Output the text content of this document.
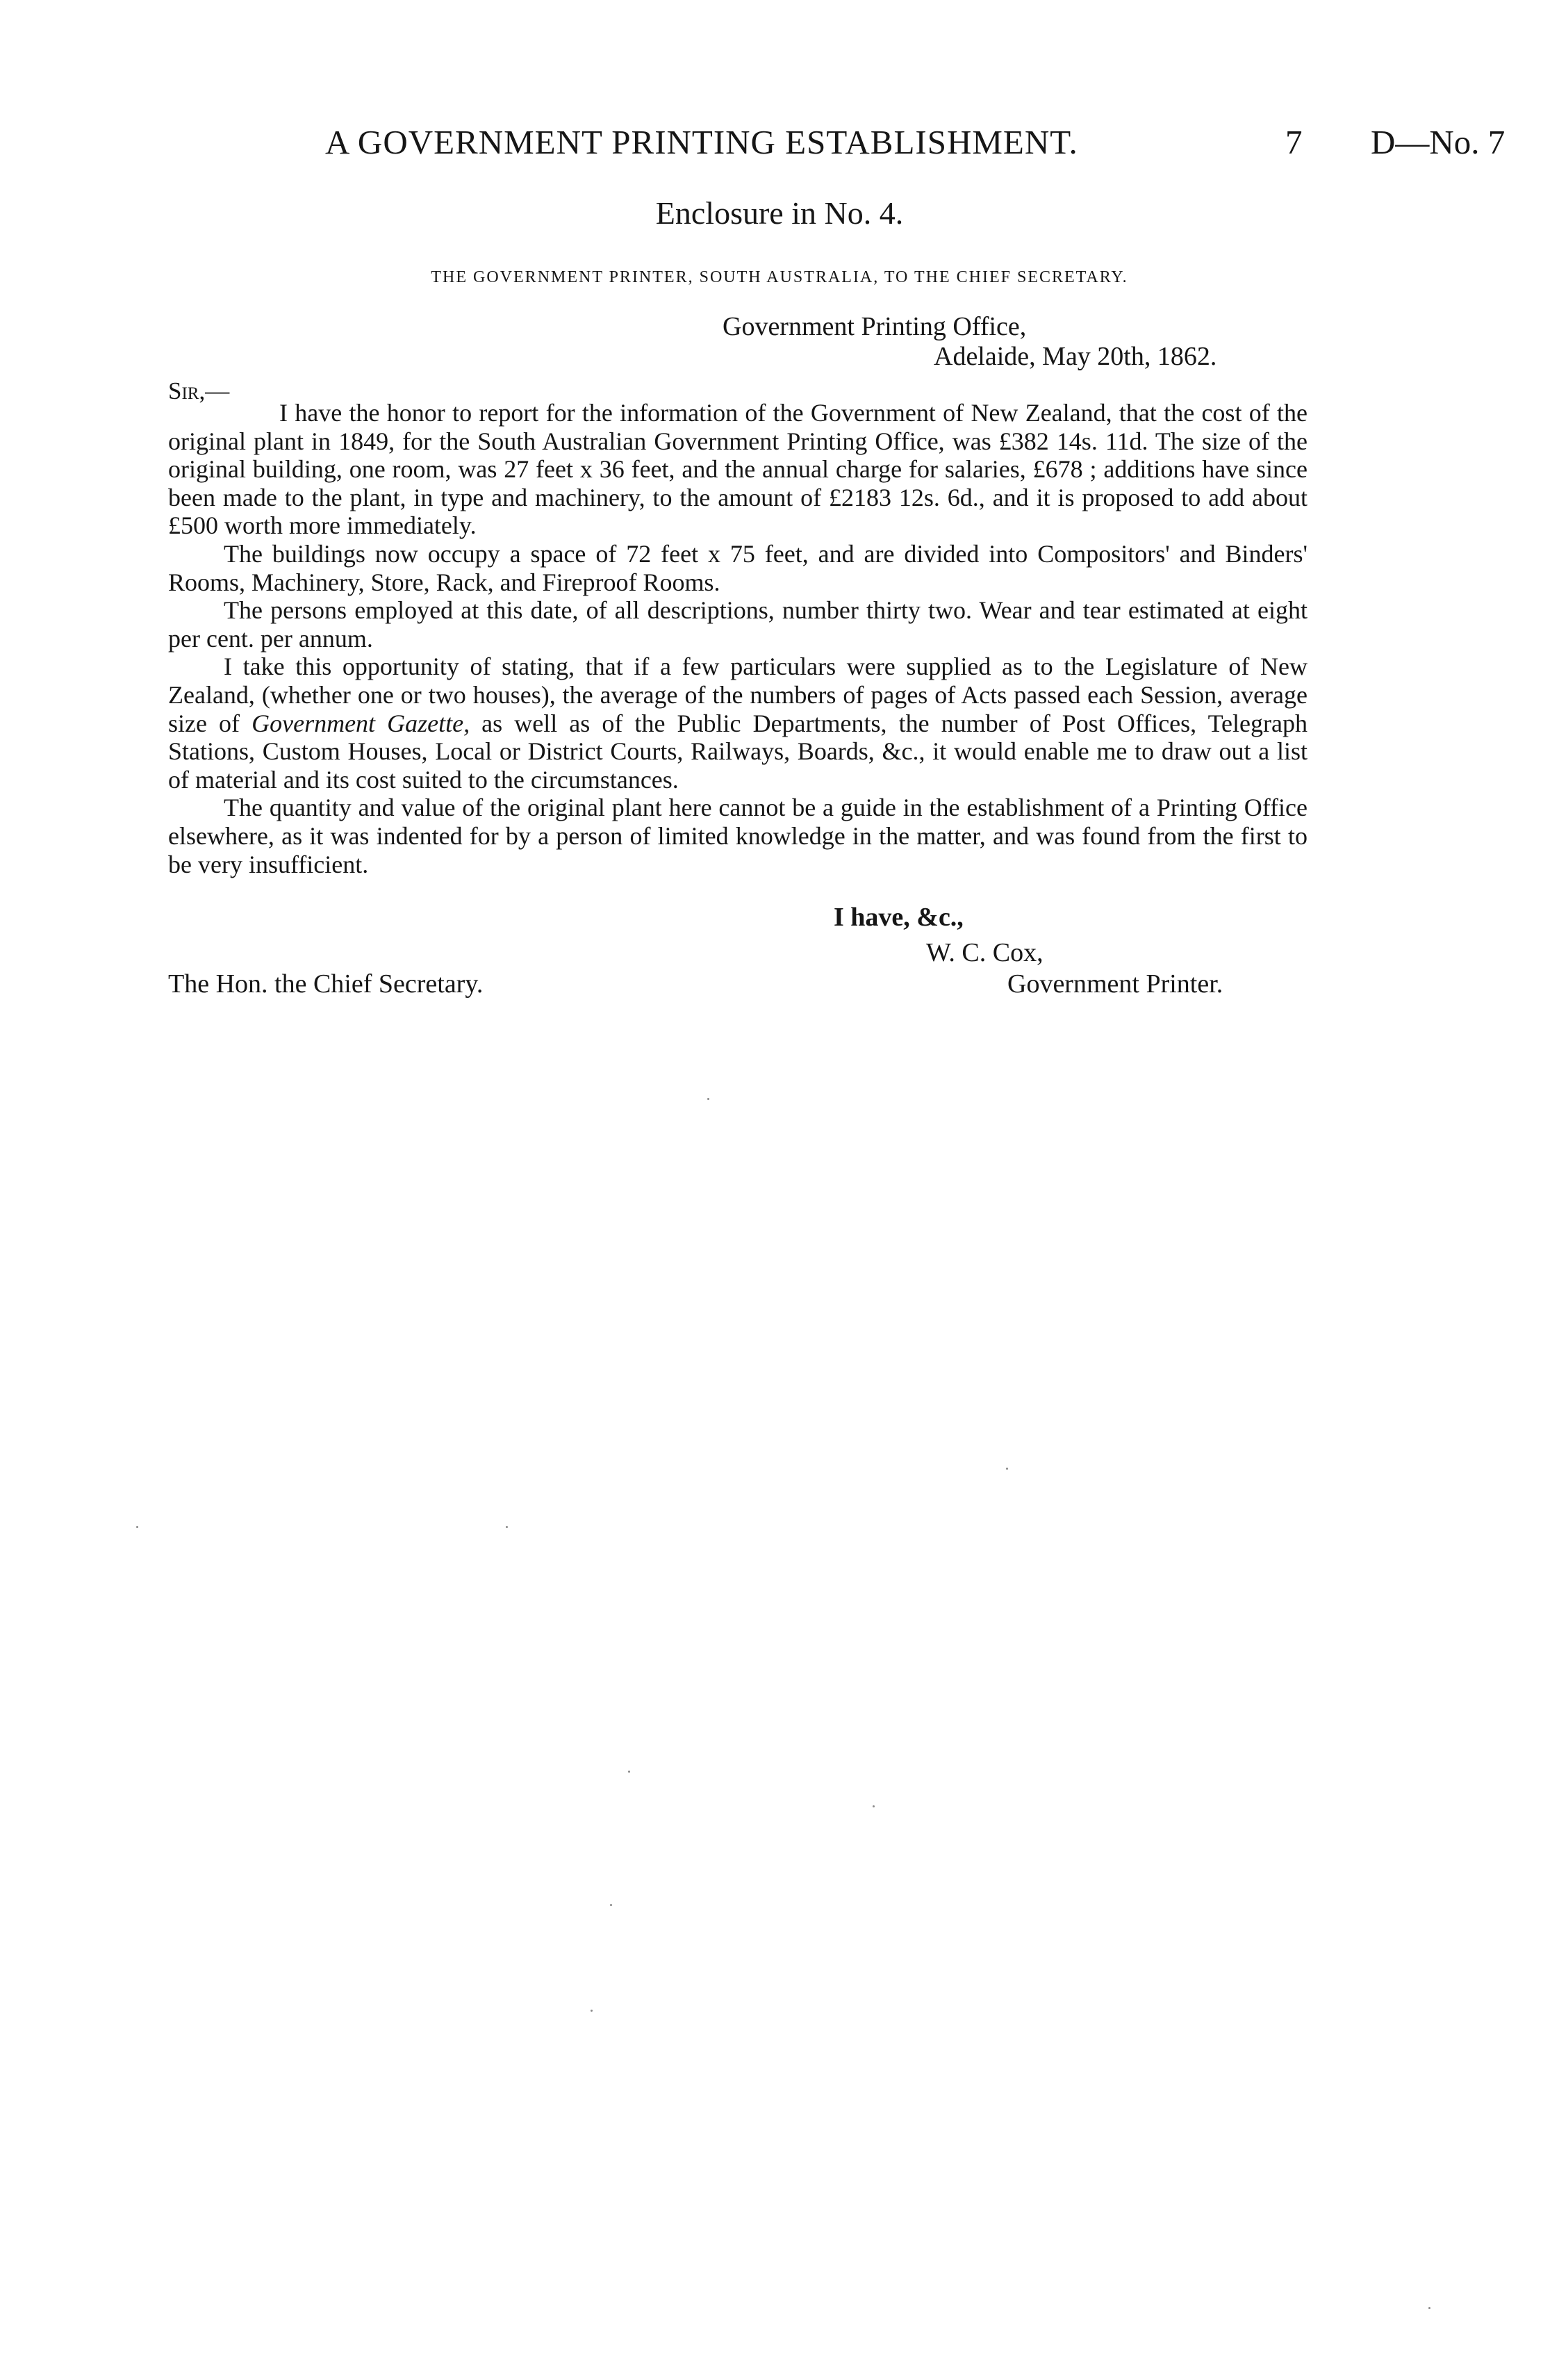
A GOVERNMENT PRINTING ESTABLISHMENT.	7 D—No. 7
Enclosure in No. 4.
THE GOVERNMENT PRINTER, SOUTH AUSTRALIA, TO THE CHIEF SECRETARY.
Government Printing Office,
Adelaide, May 20th, 1862.
Sir,—

I have the honor to report for the information of the Government of New Zealand, that the cost of the original plant in 1849, for the South Australian Government Printing Office, was £382 14s. 11d. The size of the original building, one room, was 27 feet x 36 feet, and the annual charge for salaries, £678 ; additions have since been made to the plant, in type and machinery, to the amount of £2183 12s. 6d., and it is proposed to add about £500 worth more immediately.

The buildings now occupy a space of 72 feet x 75 feet, and are divided into Compositors' and Binders' Rooms, Machinery, Store, Rack, and Fireproof Rooms.

The persons employed at this date, of all descriptions, number thirty two. Wear and tear estimated at eight per cent. per annum.

I take this opportunity of stating, that if a few particulars were supplied as to the Legislature of New Zealand, (whether one or two houses), the average of the numbers of pages of Acts passed each Session, average size of Government Gazette, as well as of the Public Departments, the number of Post Offices, Telegraph Stations, Custom Houses, Local or District Courts, Railways, Boards, &c., it would enable me to draw out a list of material and its cost suited to the circumstances.

The quantity and value of the original plant here cannot be a guide in the establishment of a Printing Office elsewhere, as it was indented for by a person of limited knowledge in the matter, and was found from the first to be very insufficient.

I have, &c.,
W. C. Cox,
The Hon. the Chief Secretary.	Government Printer.
